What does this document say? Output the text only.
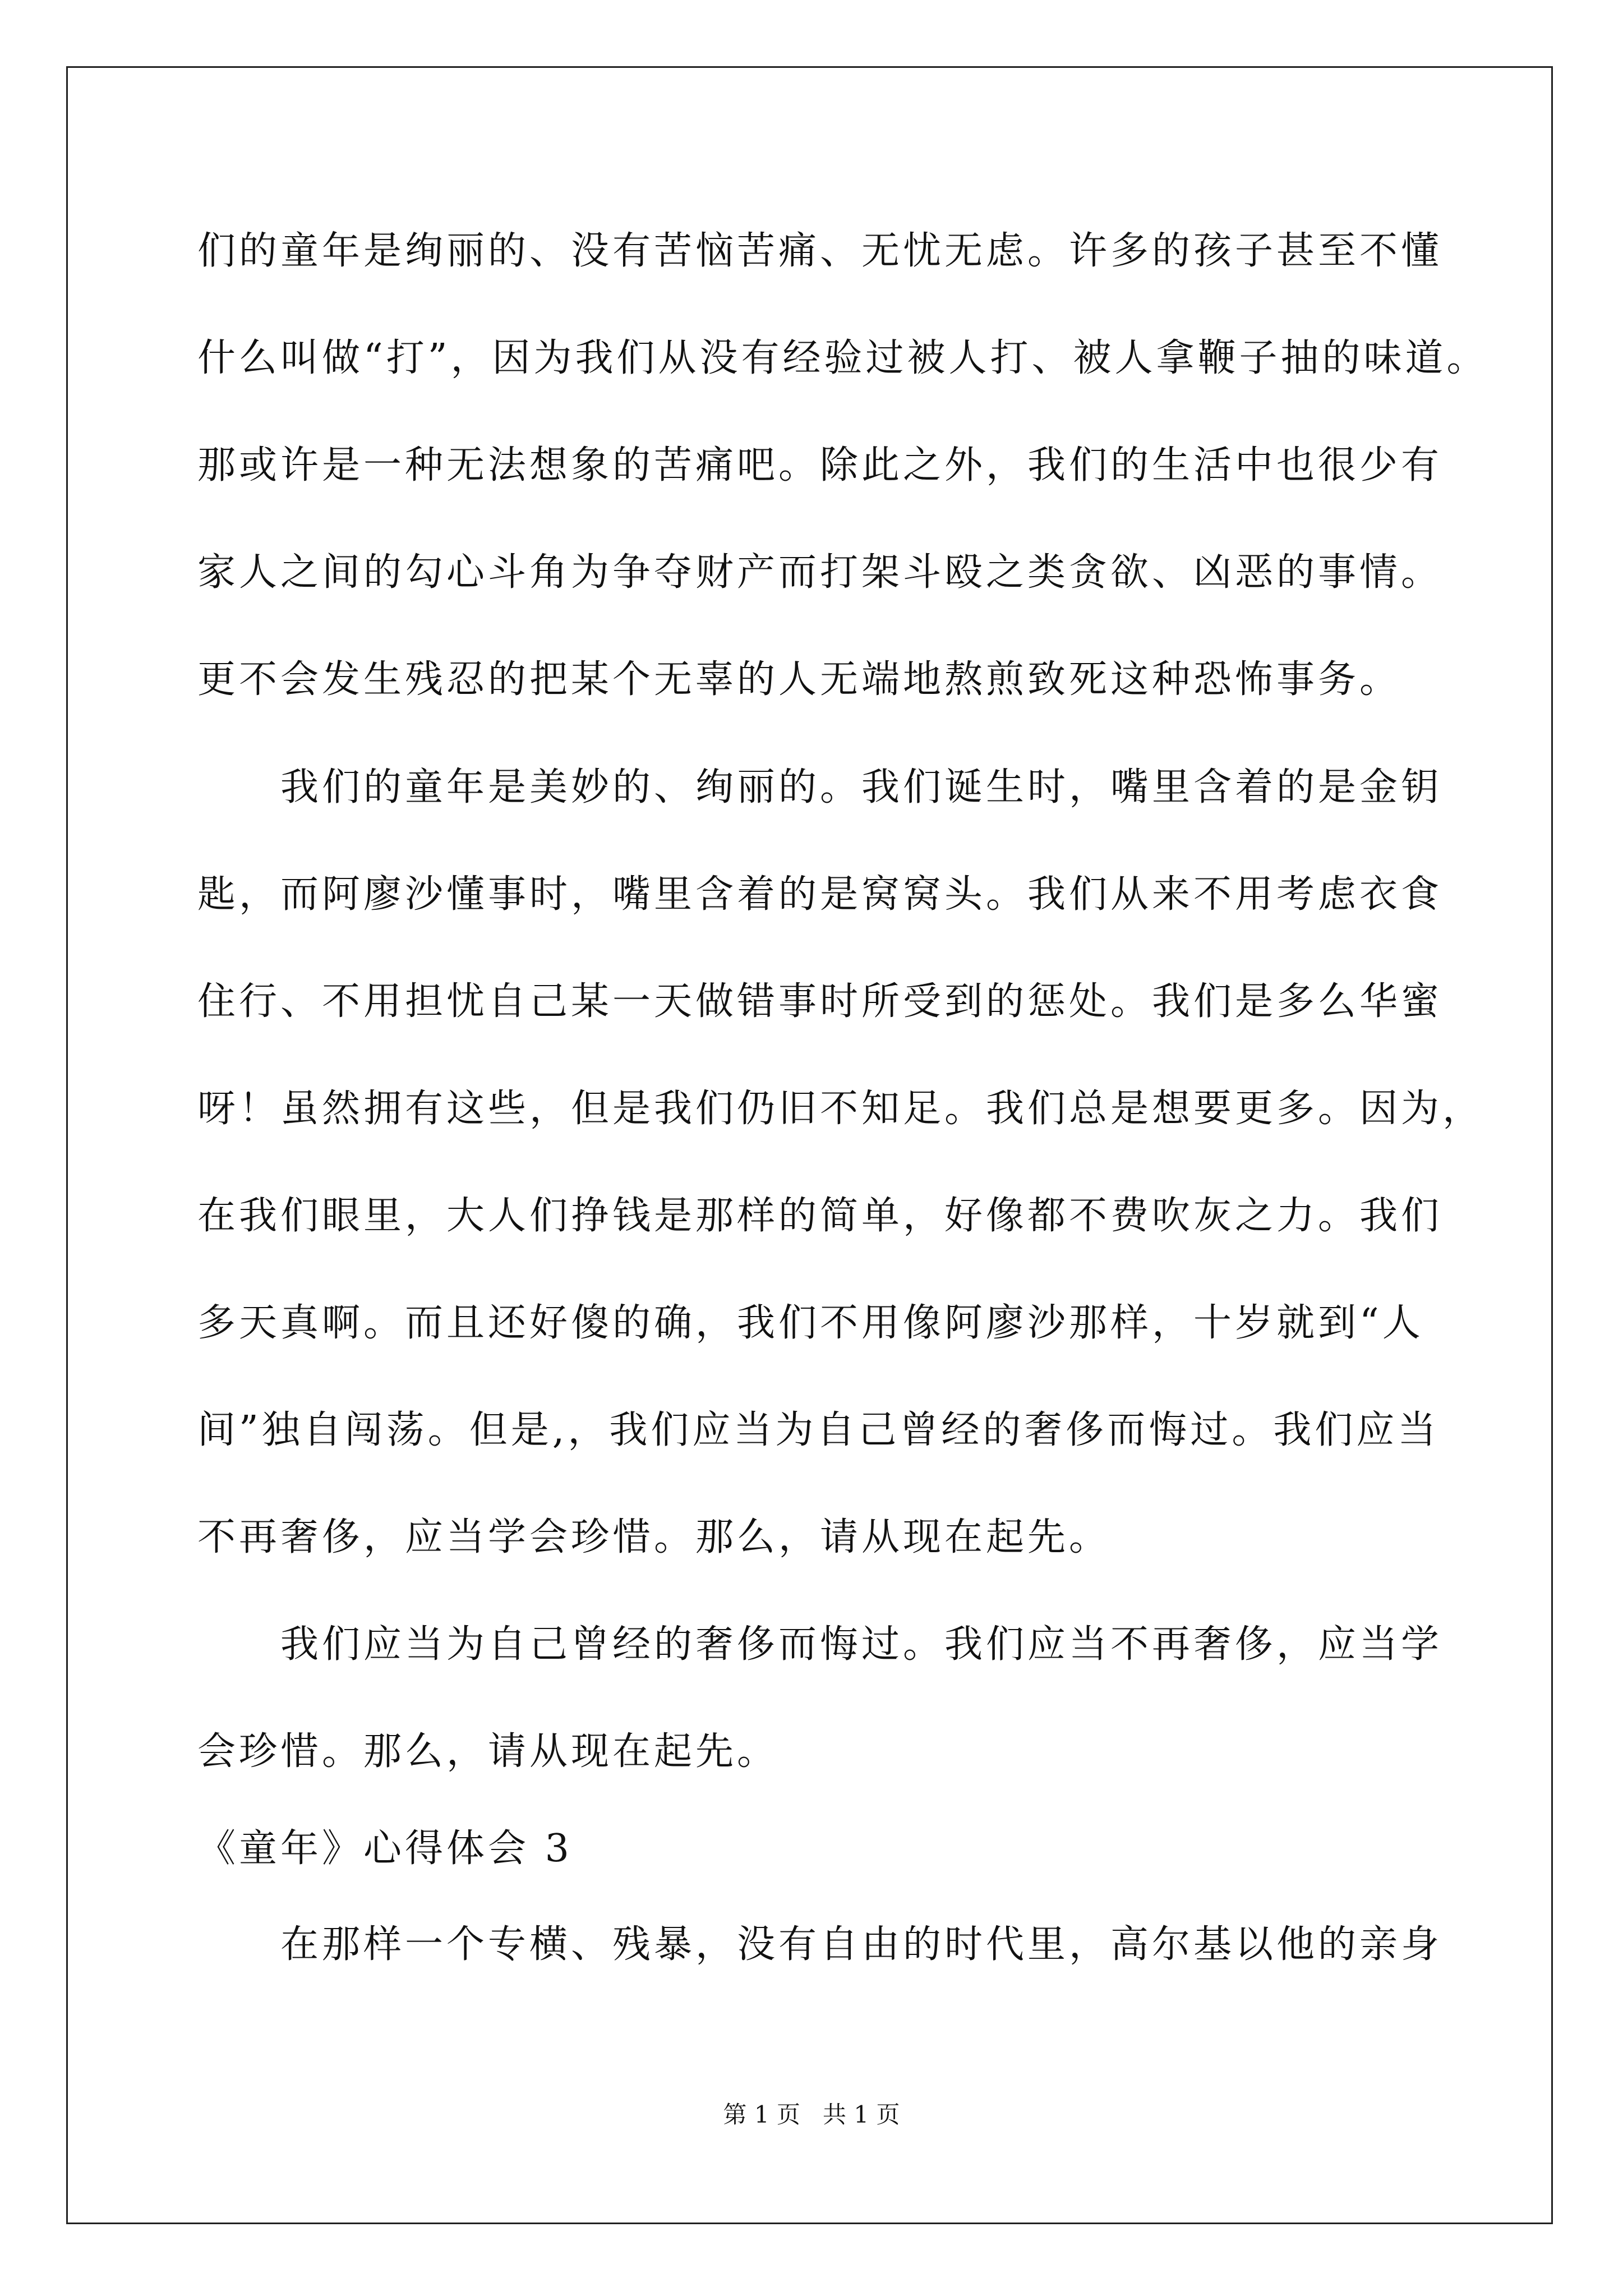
们的童年是绚丽的、没有苦恼苦痛、无忧无虑。许多的孩子甚至不懂
什么叫做“打”，因为我们从没有经验过被人打、被人拿鞭子抽的味道。
那或许是一种无法想象的苦痛吧。除此之外，我们的生活中也很少有
家人之间的勾心斗角为争夺财产而打架斗殴之类贪欲、凶恶的事情。
更不会发生残忍的把某个无辜的人无端地熬煎致死这种恐怖事务。
我们的童年是美妙的、绚丽的。我们诞生时，嘴里含着的是金钥
匙，而阿廖沙懂事时，嘴里含着的是窝窝头。我们从来不用考虑衣食
住行、不用担忧自己某一天做错事时所受到的惩处。我们是多么华蜜
呀！虽然拥有这些，但是我们仍旧不知足。我们总是想要更多。因为，
在我们眼里，大人们挣钱是那样的简单，好像都不费吹灰之力。我们
多天真啊。而且还好傻的确，我们不用像阿廖沙那样，十岁就到“人
间”独自闯荡。但是,，我们应当为自己曾经的奢侈而悔过。我们应当
不再奢侈，应当学会珍惜。那么，请从现在起先。
我们应当为自己曾经的奢侈而悔过。我们应当不再奢侈，应当学
会珍惜。那么，请从现在起先。
《童年》心得体会 3
在那样一个专横、残暴，没有自由的时代里，高尔基以他的亲身
第 1 页   共 1 页
